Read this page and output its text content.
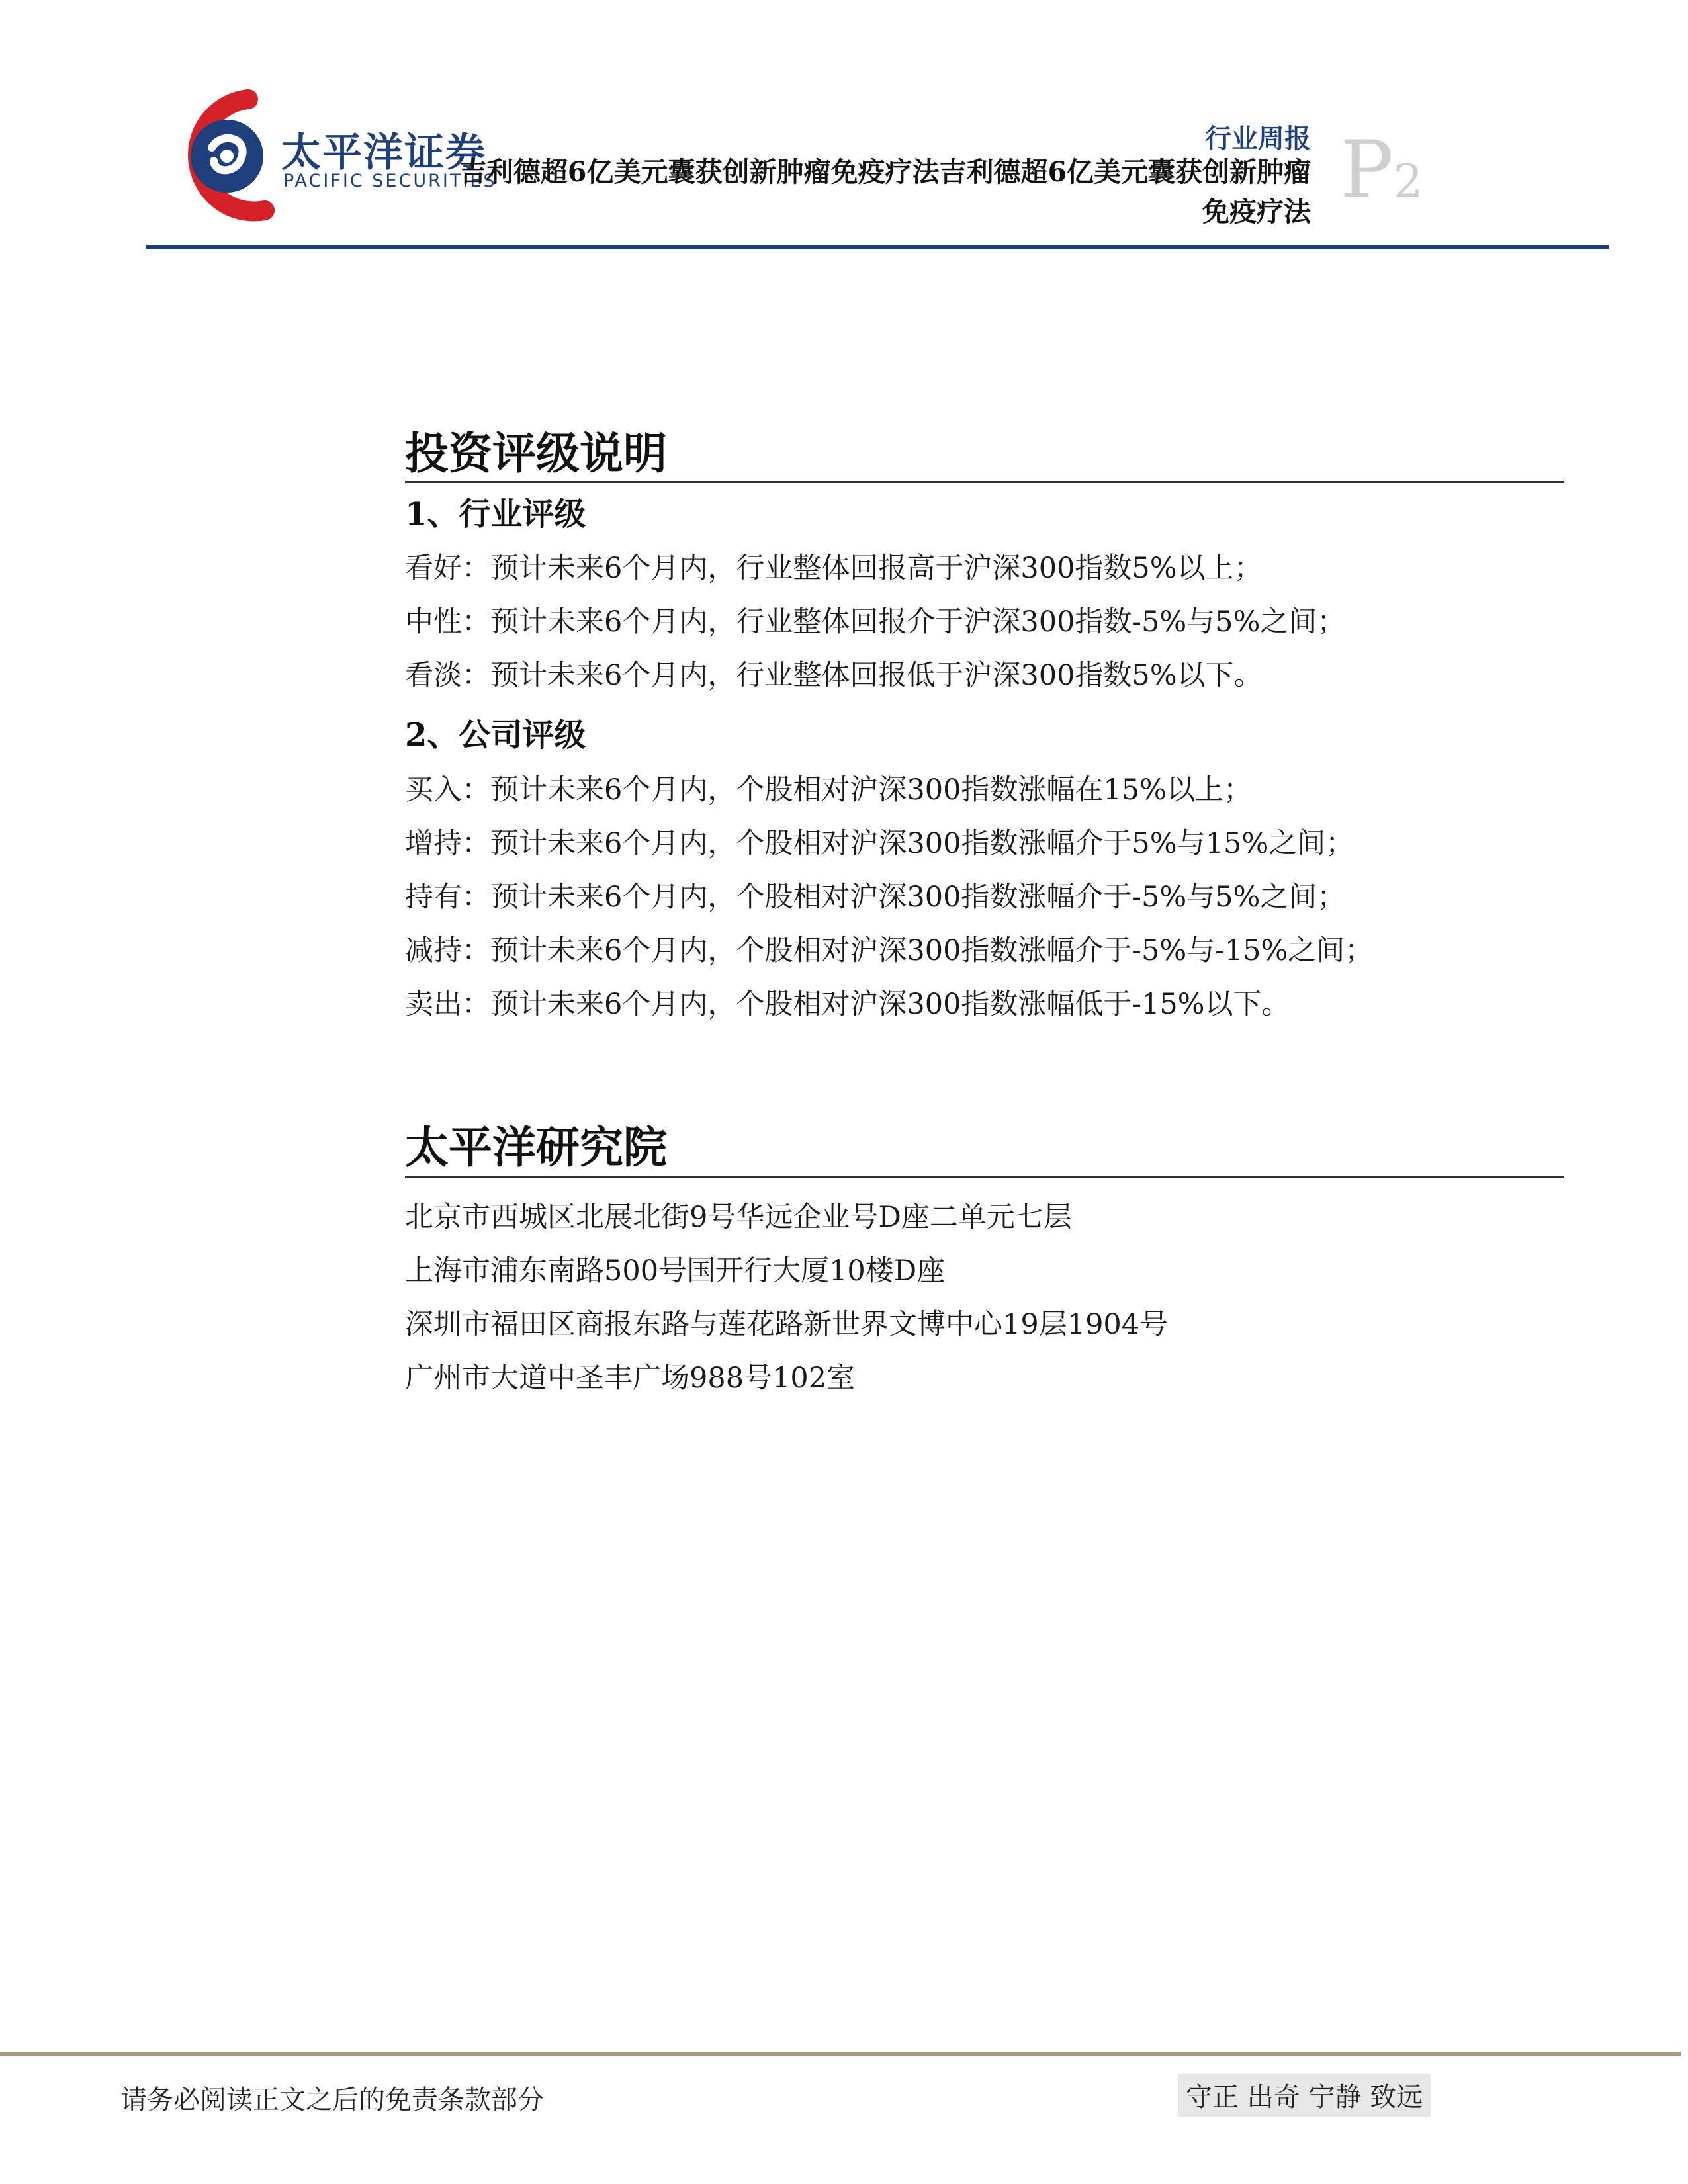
太平洋证券
PACIFIC SECURITIES
行业周报
吉利德超6亿美元囊获创新肿瘤免疫疗法吉利德超6亿美元囊获创新肿瘤免疫疗法 P2
投资评级说明
1、行业评级
看好：预计未来6个月内，行业整体回报高于沪深300指数5%以上；
中性：预计未来6个月内，行业整体回报介于沪深300指数-5%与5%之间；
看淡：预计未来6个月内，行业整体回报低于沪深300指数5%以下。
2、公司评级
买入：预计未来6个月内，个股相对沪深300指数涨幅在15%以上；
增持：预计未来6个月内，个股相对沪深300指数涨幅介于5%与15%之间；
持有：预计未来6个月内，个股相对沪深300指数涨幅介于-5%与5%之间；
减持：预计未来6个月内，个股相对沪深300指数涨幅介于-5%与-15%之间；
卖出：预计未来6个月内，个股相对沪深300指数涨幅低于-15%以下。
太平洋研究院
北京市西城区北展北街9号华远企业号D座二单元七层
上海市浦东南路500号国开行大厦10楼D座
深圳市福田区商报东路与莲花路新世界文博中心19层1904号
广州市大道中圣丰广场988号102室
请务必阅读正文之后的免责条款部分	守正 出奇 宁静 致远
